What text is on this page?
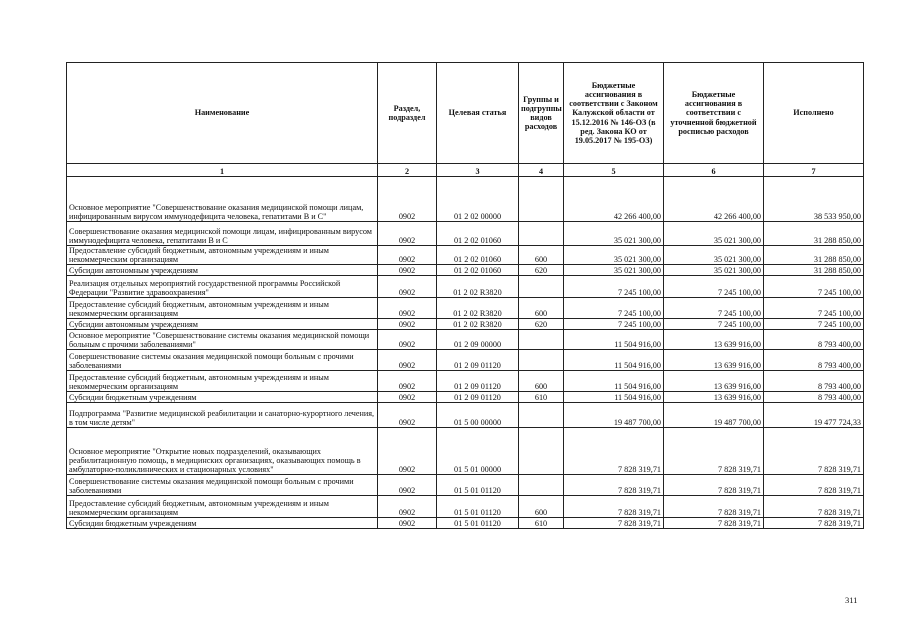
Наименование	Раздел, подраздел	Целевая статья	Группы и подгруппы видов расходов	Бюджетные ассигнования в соответствии с Законом Калужской области от 15.12.2016 № 146-ОЗ (в ред. Закона КО от 19.05.2017 № 195-ОЗ)	Бюджетные ассигнования в соответствии с уточненной бюджетной росписью расходов	Исполнено
1	2	3	4	5	6	7
Основное мероприятие "Совершенствование оказания медицинской помощи лицам, инфицированным вирусом иммунодефицита человека, гепатитами В и С"	0902	01 2 02 00000		42 266 400,00	42 266 400,00	38 533 950,00
Совершенствование оказания медицинской помощи лицам, инфицированным вирусом иммунодефицита человека, гепатитами В и С	0902	01 2 02 01060		35 021 300,00	35 021 300,00	31 288 850,00
Предоставление субсидий бюджетным, автономным учреждениям и иным некоммерческим организациям	0902	01 2 02 01060	600	35 021 300,00	35 021 300,00	31 288 850,00
Субсидии автономным учреждениям	0902	01 2 02 01060	620	35 021 300,00	35 021 300,00	31 288 850,00
Реализация отдельных мероприятий государственной программы Российской Федерации "Развитие здравоохранения"	0902	01 2 02 R3820		7 245 100,00	7 245 100,00	7 245 100,00
Предоставление субсидий бюджетным, автономным учреждениям и иным некоммерческим организациям	0902	01 2 02 R3820	600	7 245 100,00	7 245 100,00	7 245 100,00
Субсидии автономным учреждениям	0902	01 2 02 R3820	620	7 245 100,00	7 245 100,00	7 245 100,00
Основное мероприятие "Совершенствование системы оказания медицинской помощи больным с прочими заболеваниями"	0902	01 2 09 00000		11 504 916,00	13 639 916,00	8 793 400,00
Совершенствование системы оказания медицинской помощи больным с прочими заболеваниями	0902	01 2 09 01120		11 504 916,00	13 639 916,00	8 793 400,00
Предоставление субсидий бюджетным, автономным учреждениям и иным некоммерческим организациям	0902	01 2 09 01120	600	11 504 916,00	13 639 916,00	8 793 400,00
Субсидии бюджетным учреждениям	0902	01 2 09 01120	610	11 504 916,00	13 639 916,00	8 793 400,00
Подпрограмма "Развитие медицинской реабилитации и санаторно-курортного лечения, в том числе детям"	0902	01 5 00 00000		19 487 700,00	19 487 700,00	19 477 724,33
Основное мероприятие "Открытие новых подразделений, оказывающих реабилитационную помощь, в медицинских организациях, оказывающих помощь в амбулаторно-поликлинических и стационарных условиях"	0902	01 5 01 00000		7 828 319,71	7 828 319,71	7 828 319,71
Совершенствование системы оказания медицинской помощи больным с прочими заболеваниями	0902	01 5 01 01120		7 828 319,71	7 828 319,71	7 828 319,71
Предоставление субсидий бюджетным, автономным учреждениям и иным некоммерческим организациям	0902	01 5 01 01120	600	7 828 319,71	7 828 319,71	7 828 319,71
Субсидии бюджетным учреждениям	0902	01 5 01 01120	610	7 828 319,71	7 828 319,71	7 828 319,71
311
